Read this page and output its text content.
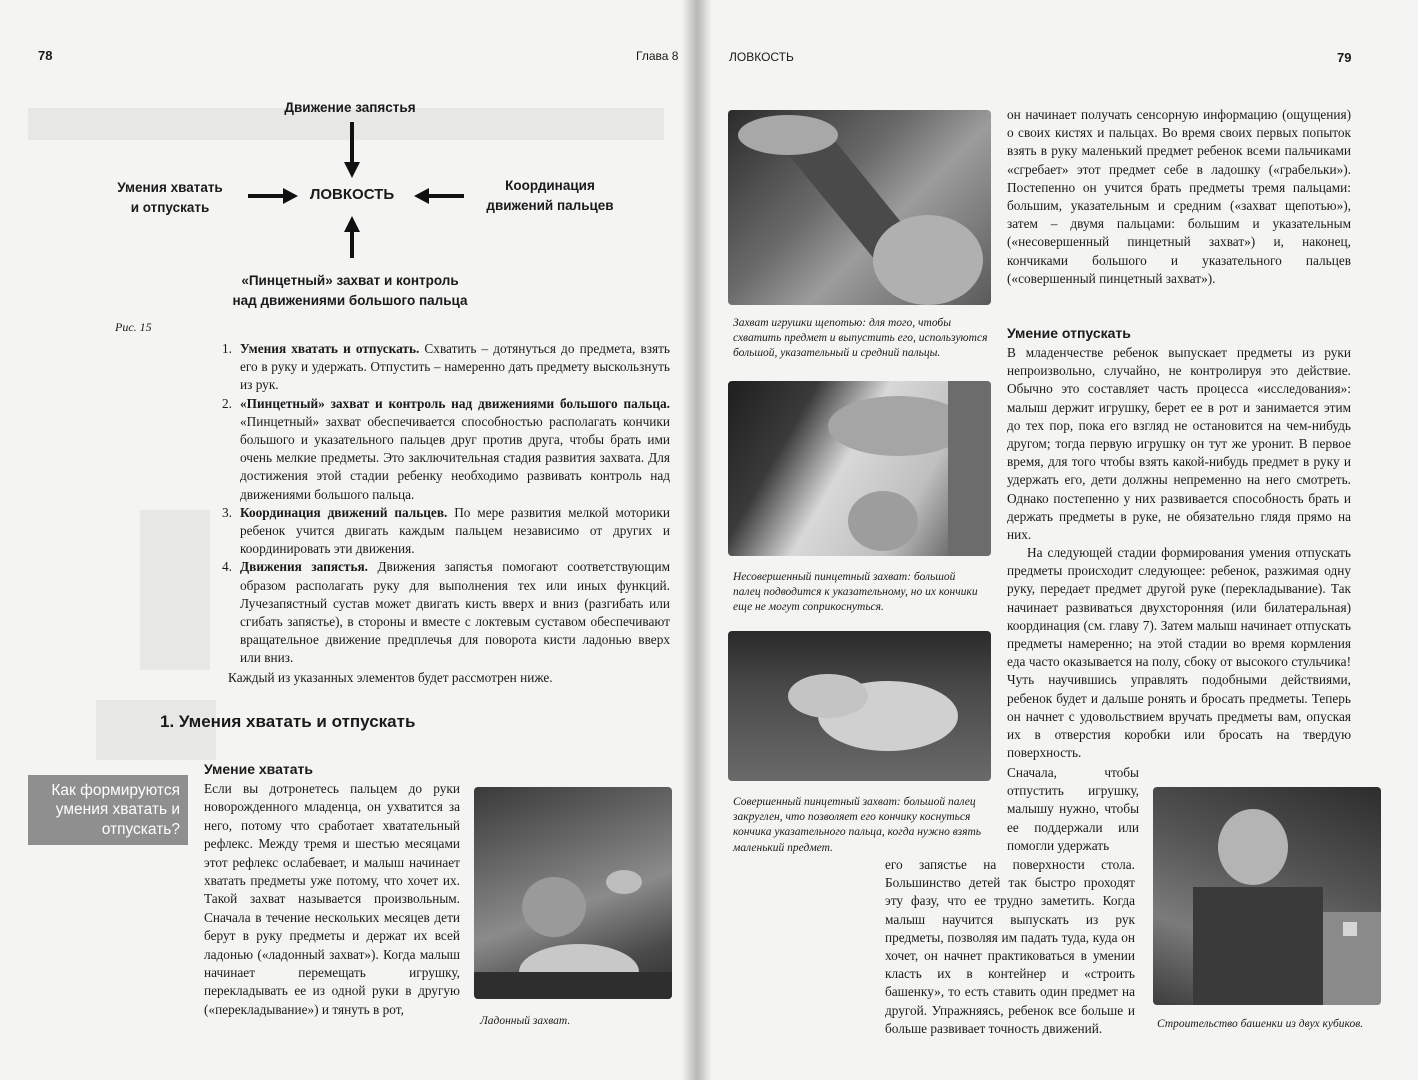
78	Глава 8
Движение запястья
ЛОВКОСТЬ
Умения хватать
и отпускать
Координация
движений пальцев
«Пинцетный» захват и контроль
над движениями большого пальца
Рис. 15
1. Умения хватать и отпускать. Схватить – дотянуться до предмета, взять его в руку и удержать. Отпустить – намеренно дать предмету выскользнуть из рук.
2. «Пинцетный» захват и контроль над движениями большого пальца. «Пинцетный» захват обеспечивается способностью располагать кончики большого и указательного пальцев друг против друга, чтобы брать ими очень мелкие предметы. Это заключительная стадия развития захвата. Для достижения этой стадии ребенку необходимо развивать контроль над движениями большого пальца.
3. Координация движений пальцев. По мере развития мелкой моторики ребенок учится двигать каждым пальцем независимо от других и координировать эти движения.
4. Движения запястья. Движения запястья помогают соответствующим образом располагать руку для выполнения тех или иных функций. Лучезапястный сустав может двигать кисть вверх и вниз (разгибать или сгибать запястье), в стороны и вместе с локтевым суставом обеспечивают вращательное движение предплечья для поворота кисти ладонью вверх или вниз.
Каждый из указанных элементов будет рассмотрен ниже.
1. Умения хватать и отпускать
Как формируются умения хватать и отпускать?
Умение хватать
Если вы дотронетесь пальцем до руки новорожденного младенца, он ухватится за него, потому что сработает хватательный рефлекс. Между тремя и шестью месяцами этот рефлекс ослабевает, и малыш начинает хватать предметы уже потому, что хочет их. Такой захват называется произвольным. Сначала в течение нескольких месяцев дети берут в руку предметы и держат их всей ладонью («ладонный захват»). Когда малыш начинает перемещать игрушку, перекладывать ее из одной руки в другую («перекладывание») и тянуть в рот,
Ладонный захват.
ЛОВКОСТЬ	79
Захват игрушки щепотью: для того, чтобы схватить предмет и выпустить его, используются большой, указательный и средний пальцы.
Несовершенный пинцетный захват: большой палец подводится к указательному, но их кончики еще не могут соприкоснуться.
Совершенный пинцетный захват: большой палец закруглен, что позволяет его кончику коснуться кончика указательного пальца, когда нужно взять маленький предмет.
он начинает получать сенсорную информацию (ощущения) о своих кистях и пальцах. Во время своих первых попыток взять в руку маленький предмет ребенок всеми пальчиками «сгребает» этот предмет себе в ладошку («грабельки»). Постепенно он учится брать предметы тремя пальцами: большим, указательным и средним («захват щепотью»), затем – двумя пальцами: большим и указательным («несовершенный пинцетный захват») и, наконец, кончиками большого и указательного пальцев («совершенный пинцетный захват»).
Умение отпускать
В младенчестве ребенок выпускает предметы из руки непроизвольно, случайно, не контролируя это действие. Обычно это составляет часть процесса «исследования»: малыш держит игрушку, берет ее в рот и занимается этим до тех пор, пока его взгляд не остановится на чем-нибудь другом; тогда первую игрушку он тут же уронит. В первое время, для того чтобы взять какой-нибудь предмет в руку и удержать его, дети должны непременно на него смотреть. Однако постепенно у них развивается способность брать и держать предметы в руке, не обязательно глядя прямо на них.
На следующей стадии формирования умения отпускать предметы происходит следующее: ребенок, разжимая одну руку, передает предмет другой руке (перекладывание). Так начинает развиваться двухсторонняя (или билатеральная) координация (см. главу 7). Затем малыш начинает отпускать предметы намеренно; на этой стадии во время кормления еда часто оказывается на полу, сбоку от высокого стульчика! Чуть научившись управлять подобными действиями, ребенок будет и дальше ронять и бросать предметы. Теперь он начнет с удовольствием вручать предметы вам, опуская их в отверстия коробки или бросать на твердую поверхность.
Сначала, чтобы отпустить игрушку, малышу нужно, чтобы ее поддержали или помогли удержать
его запястье на поверхности стола. Большинство детей так быстро проходят эту фазу, что ее трудно заметить. Когда малыш научится выпускать из рук предметы, позволяя им падать туда, куда он хочет, он начнет практиковаться в умении класть их в контейнер и «строить башенку», то есть ставить один предмет на другой. Упражняясь, ребенок все больше и больше развивает точность движений.	Строительство башенки из двух кубиков.
